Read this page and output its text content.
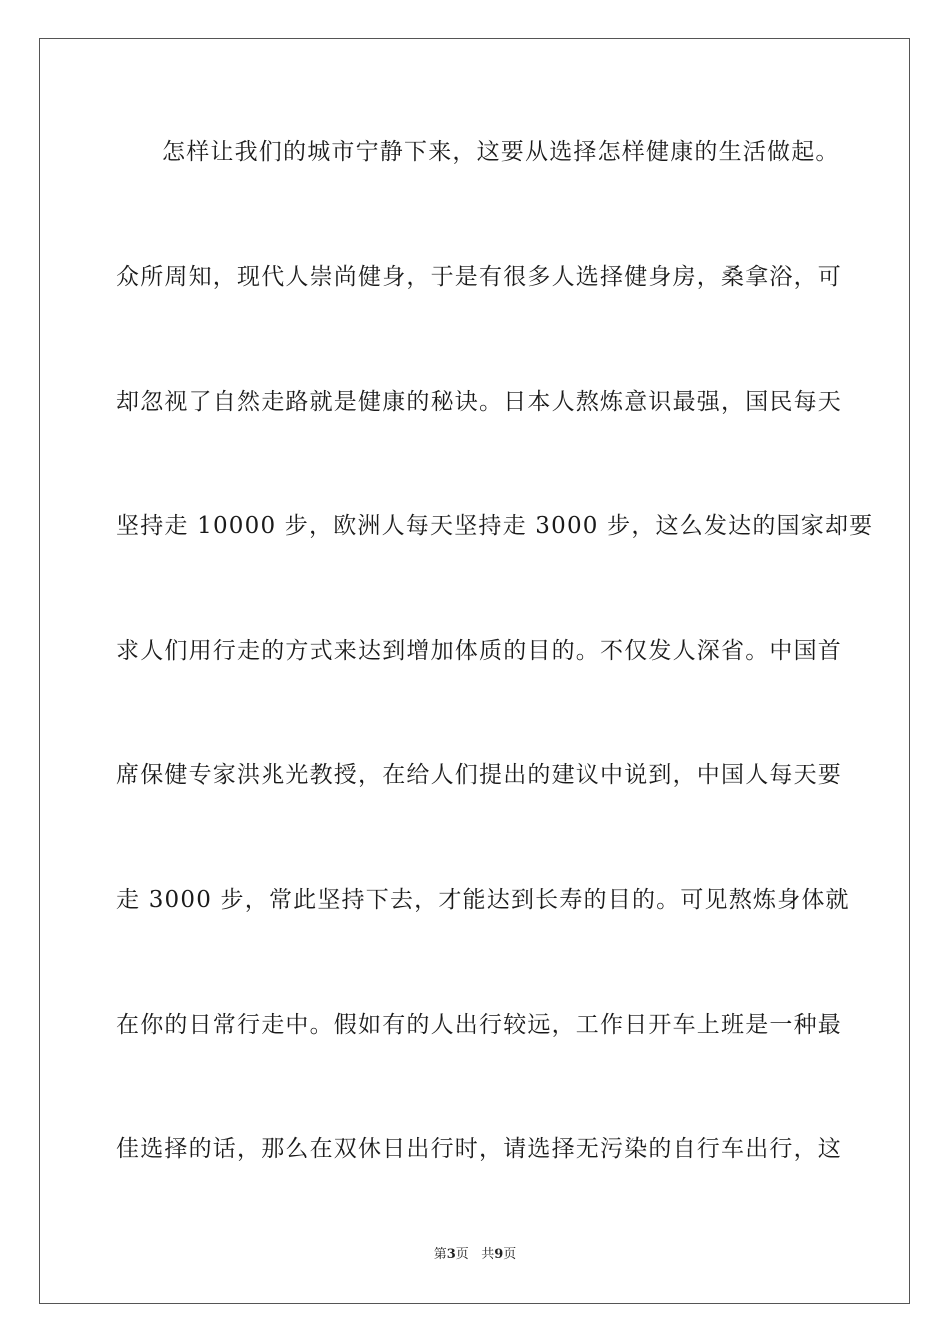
怎样让我们的城市宁静下来，这要从选择怎样健康的生活做起。
众所周知，现代人崇尚健身，于是有很多人选择健身房，桑拿浴，可
却忽视了自然走路就是健康的秘诀。日本人熬炼意识最强，国民每天
坚持走 10000 步，欧洲人每天坚持走 3000 步，这么发达的国家却要
求人们用行走的方式来达到增加体质的目的。不仅发人深省。中国首
席保健专家洪兆光教授，在给人们提出的建议中说到，中国人每天要
走 3000 步，常此坚持下去，才能达到长寿的目的。可见熬炼身体就
在你的日常行走中。假如有的人出行较远，工作日开车上班是一种最
佳选择的话，那么在双休日出行时，请选择无污染的自行车出行，这
第3页 共9页
